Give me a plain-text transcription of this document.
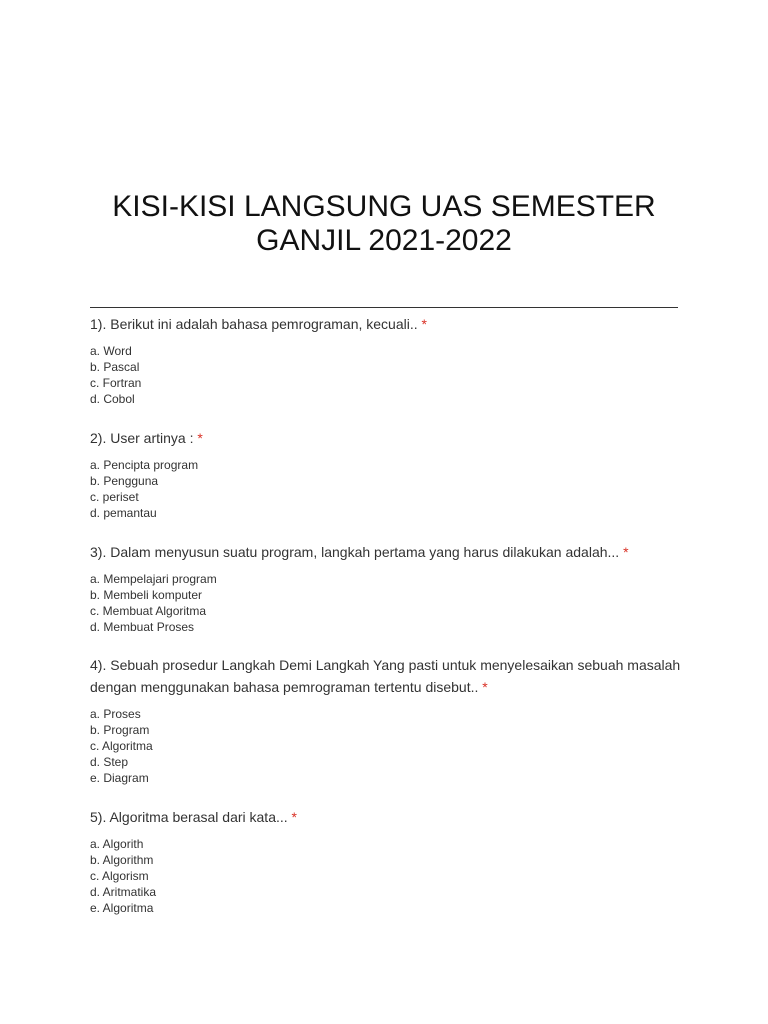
KISI-KISI LANGSUNG UAS SEMESTER
GANJIL 2021-2022

1). Berikut ini adalah bahasa pemrograman, kecuali.. *

a. Word
b. Pascal
c. Fortran
d. Cobol

2). User artinya : *

a. Pencipta program
b. Pengguna
c. periset
d. pemantau

3). Dalam menyusun suatu program, langkah pertama yang harus dilakukan adalah... *

a. Mempelajari program
b. Membeli komputer
c. Membuat Algoritma
d. Membuat Proses

4). Sebuah prosedur Langkah Demi Langkah Yang pasti untuk menyelesaikan sebuah masalah dengan menggunakan bahasa pemrograman tertentu disebut.. *

a. Proses
b. Program
c. Algoritma
d. Step
e. Diagram

5). Algoritma berasal dari kata... *

a. Algorith
b. Algorithm
c. Algorism
d. Aritmatika
e. Algoritma
